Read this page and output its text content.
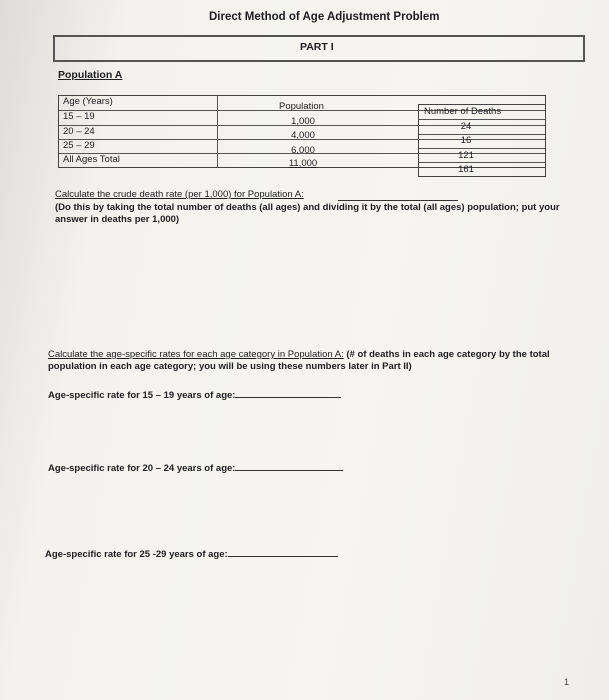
Direct Method of Age Adjustment Problem
PART I
Population A
Age (Years)
15 – 19
20 – 24
25 – 29
All Ages Total
Population
1,000
4,000
6,000
11,000
Number of Deaths
24
16
121
161
Calculate the crude death rate (per 1,000) for Population A:
(Do this by taking the total number of deaths (all ages) and dividing it by the total (all ages) population; put your answer in deaths per 1,000)
Calculate the age-specific rates for each age category in Population A: (# of deaths in each age category by the total population in each age category; you will be using these numbers later in Part II)
Age-specific rate for 15 – 19 years of age:
Age-specific rate for 20 – 24 years of age:
Age-specific rate for 25 -29 years of age:
1
